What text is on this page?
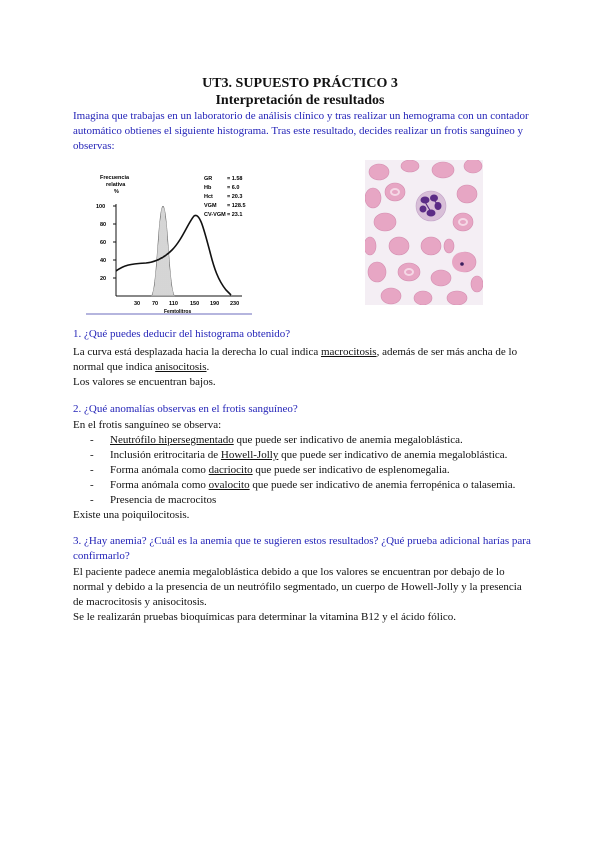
UT3. SUPUESTO PRÁCTICO 3
Interpretación de resultados
Imagina que trabajas en un laboratorio de análisis clínico y tras realizar un hemograma con un contador automático obtienes el siguiente histograma. Tras este resultado, decides realizar un frotis sanguíneo y observas:
Frecuencia
relativa
%
100
80
60
40
20
30 70 110 150 190 230
Femtolitros
GR	= 1.58
Hb	= 6.0
Hct	= 20.3
VGM = 128.5
CV-VGM = 23.1
1. ¿Qué puedes deducir del histograma obtenido?
La curva está desplazada hacia la derecha lo cual indica macrocitosis, además de ser más ancha de lo normal que indica anisocitosis.
Los valores se encuentran bajos.
2. ¿Qué anomalías observas en el frotis sanguíneo?
En el frotis sanguíneo se observa:
- Neutrófilo hipersegmentado que puede ser indicativo de anemia megaloblástica.
- Inclusión eritrocitaria de Howell-Jolly que puede ser indicativo de anemia megaloblástica.
- Forma anómala como dacriocito que puede ser indicativo de esplenomegalia.
- Forma anómala como ovalocito que puede ser indicativo de anemia ferropénica o talasemia.
- Presencia de macrocitos
Existe una poiquilocitosis.
3. ¿Hay anemia? ¿Cuál es la anemia que te sugieren estos resultados? ¿Qué prueba adicional harías para confirmarlo?
El paciente padece anemia megaloblástica debido a que los valores se encuentran por debajo de lo normal y debido a la presencia de un neutrófilo segmentado, un cuerpo de Howell-Jolly y la presencia de macrocitosis y anisocitosis.
Se le realizarán pruebas bioquímicas para determinar la vitamina B12 y el ácido fólico.
